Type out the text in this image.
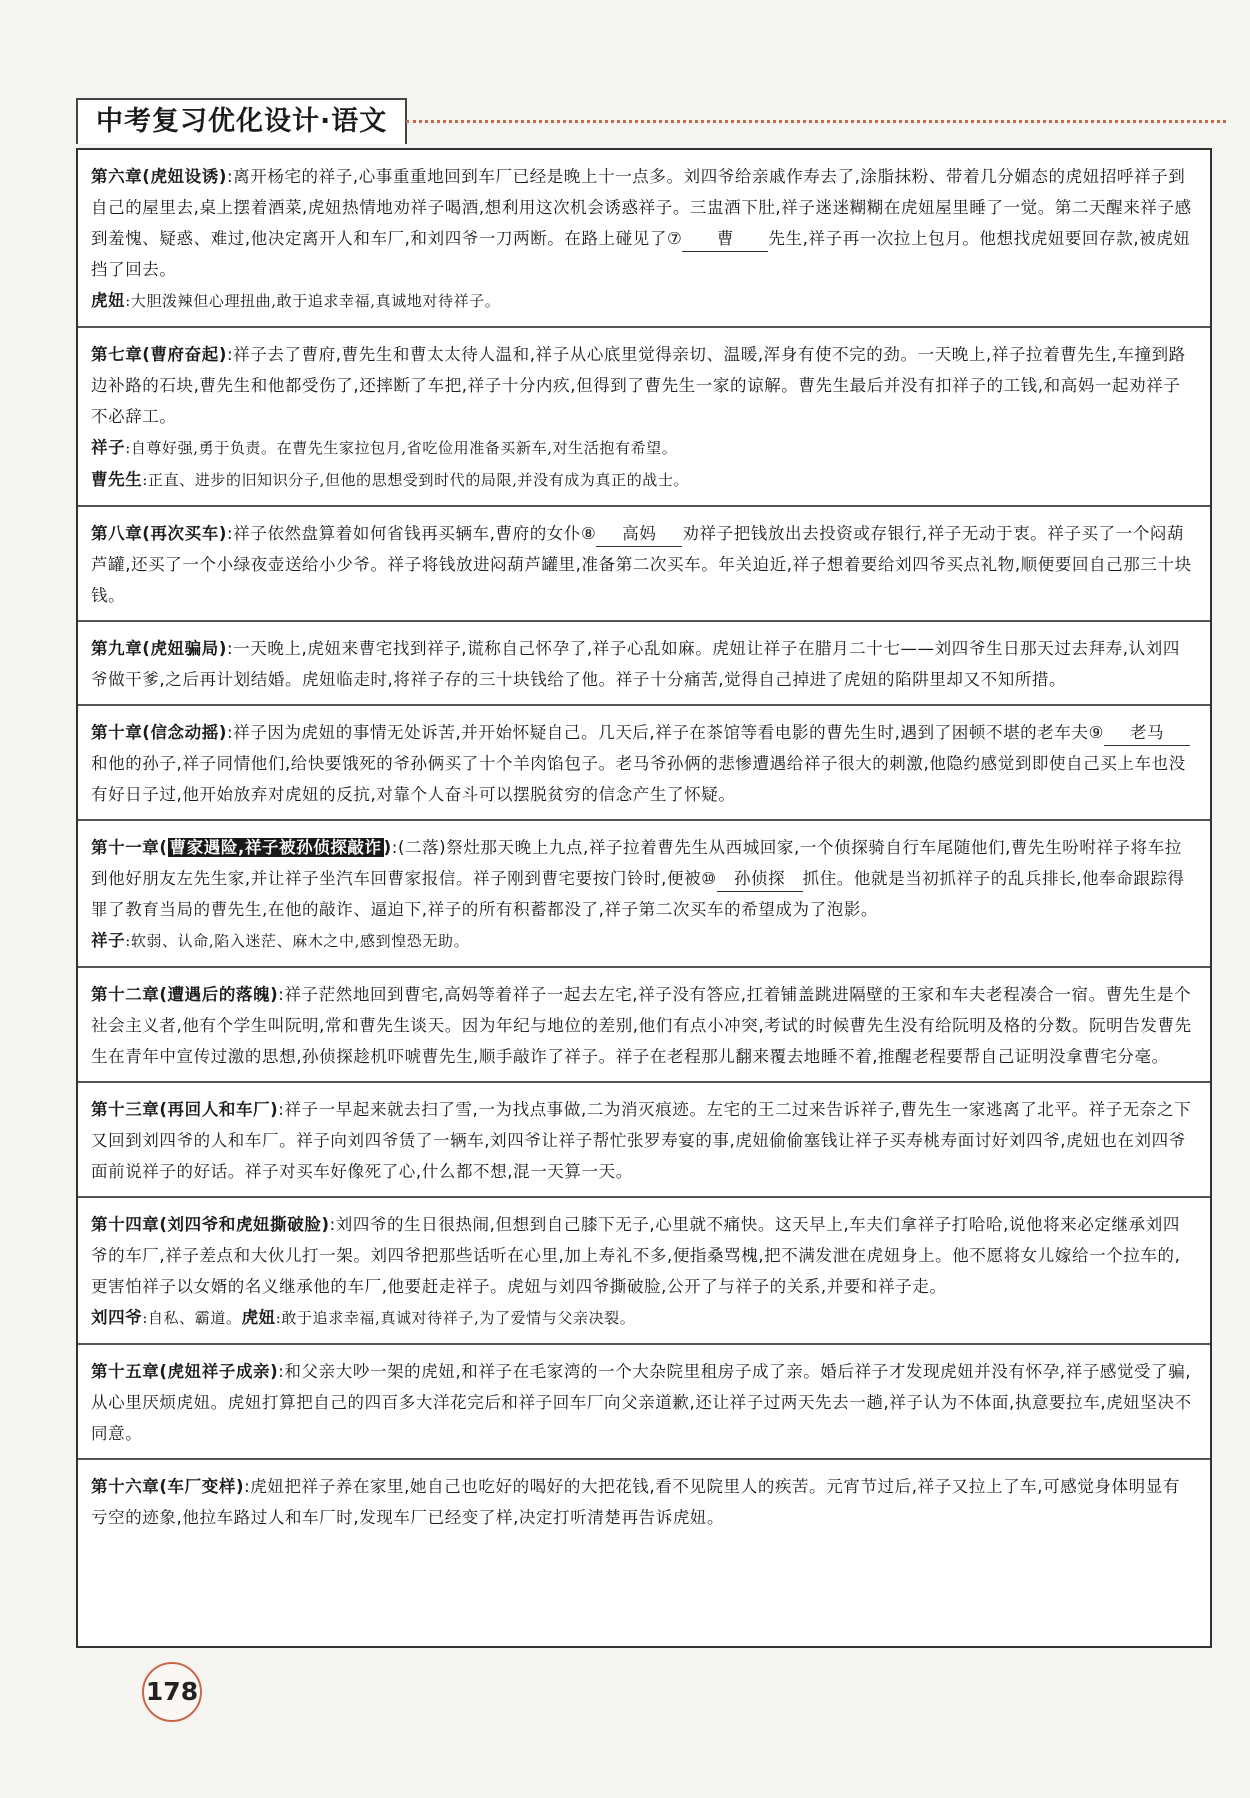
中考复习优化设计·语文
第六章(虎妞设诱):离开杨宅的祥子,心事重重地回到车厂已经是晚上十一点多。刘四爷给亲戚作寿去了,涂脂抹粉、带着几分媚态的虎妞招呼祥子到自己的屋里去,桌上摆着酒菜,虎妞热情地劝祥子喝酒,想利用这次机会诱惑祥子。三盅酒下肚,祥子迷迷糊糊在虎妞屋里睡了一觉。第二天醒来祥子感到羞愧、疑惑、难过,他决定离开人和车厂,和刘四爷一刀两断。在路上碰见了⑦ 曹 先生,祥子再一次拉上包月。他想找虎妞要回存款,被虎妞挡了回去。
虎妞:大胆泼辣但心理扭曲,敢于追求幸福,真诚地对待祥子。
第七章(曹府奋起):祥子去了曹府,曹先生和曹太太待人温和,祥子从心底里觉得亲切、温暖,浑身有使不完的劲。一天晚上,祥子拉着曹先生,车撞到路边补路的石块,曹先生和他都受伤了,还摔断了车把,祥子十分内疚,但得到了曹先生一家的谅解。曹先生最后并没有扣祥子的工钱,和高妈一起劝祥子不必辞工。
祥子:自尊好强,勇于负责。在曹先生家拉包月,省吃俭用准备买新车,对生活抱有希望。
曹先生:正直、进步的旧知识分子,但他的思想受到时代的局限,并没有成为真正的战士。
第八章(再次买车):祥子依然盘算着如何省钱再买辆车,曹府的女仆⑧ 高妈 劝祥子把钱放出去投资或存银行,祥子无动于衷。祥子买了一个闷葫芦罐,还买了一个小绿夜壶送给小少爷。祥子将钱放进闷葫芦罐里,准备第二次买车。年关迫近,祥子想着要给刘四爷买点礼物,顺便要回自己那三十块钱。
第九章(虎妞骗局):一天晚上,虎妞来曹宅找到祥子,谎称自己怀孕了,祥子心乱如麻。虎妞让祥子在腊月二十七——刘四爷生日那天过去拜寿,认刘四爷做干爹,之后再计划结婚。虎妞临走时,将祥子存的三十块钱给了他。祥子十分痛苦,觉得自己掉进了虎妞的陷阱里却又不知所措。
第十章(信念动摇):祥子因为虎妞的事情无处诉苦,并开始怀疑自己。几天后,祥子在茶馆等看电影的曹先生时,遇到了困顿不堪的老车夫⑨ 老马和他的孙子,祥子同情他们,给快要饿死的爷孙俩买了十个羊肉馅包子。老马爷孙俩的悲惨遭遇给祥子很大的刺激,他隐约感觉到即使自己买上车也没有好日子过,他开始放弃对虎妞的反抗,对靠个人奋斗可以摆脱贫穷的信念产生了怀疑。
第十一章( 曹家遇险,祥子被孙侦探敲诈 ):(二落)祭灶那天晚上九点,祥子拉着曹先生从西城回家,一个侦探骑自行车尾随他们,曹先生吩咐祥子将车拉到他好朋友左先生家,并让祥子坐汽车回曹家报信。祥子刚到曹宅要按门铃时,便被⑩ 孙侦探 抓住。他就是当初抓祥子的乱兵排长,他奉命跟踪得罪了教育当局的曹先生,在他的敲诈、逼迫下,祥子的所有积蓄都没了,祥子第二次买车的希望成为了泡影。
祥子:软弱、认命,陷入迷茫、麻木之中,感到惶恐无助。
第十二章(遭遇后的落魄):祥子茫然地回到曹宅,高妈等着祥子一起去左宅,祥子没有答应,扛着铺盖跳进隔壁的王家和车夫老程凑合一宿。曹先生是个社会主义者,他有个学生叫阮明,常和曹先生谈天。因为年纪与地位的差别,他们有点小冲突,考试的时候曹先生没有给阮明及格的分数。阮明告发曹先生在青年中宣传过激的思想,孙侦探趁机吓唬曹先生,顺手敲诈了祥子。祥子在老程那儿翻来覆去地睡不着,推醒老程要帮自己证明没拿曹宅分毫。
第十三章(再回人和车厂):祥子一早起来就去扫了雪,一为找点事做,二为消灭痕迹。左宅的王二过来告诉祥子,曹先生一家逃离了北平。祥子无奈之下又回到刘四爷的人和车厂。祥子向刘四爷赁了一辆车,刘四爷让祥子帮忙张罗寿宴的事,虎妞偷偷塞钱让祥子买寿桃寿面讨好刘四爷,虎妞也在刘四爷面前说祥子的好话。祥子对买车好像死了心,什么都不想,混一天算一天。
第十四章(刘四爷和虎妞撕破脸):刘四爷的生日很热闹,但想到自己膝下无子,心里就不痛快。这天早上,车夫们拿祥子打哈哈,说他将来必定继承刘四爷的车厂,祥子差点和大伙儿打一架。刘四爷把那些话听在心里,加上寿礼不多,便指桑骂槐,把不满发泄在虎妞身上。他不愿将女儿嫁给一个拉车的,更害怕祥子以女婿的名义继承他的车厂,他要赶走祥子。虎妞与刘四爷撕破脸,公开了与祥子的关系,并要和祥子走。
刘四爷:自私、霸道。虎妞:敢于追求幸福,真诚对待祥子,为了爱情与父亲决裂。
第十五章(虎妞祥子成亲):和父亲大吵一架的虎妞,和祥子在毛家湾的一个大杂院里租房子成了亲。婚后祥子才发现虎妞并没有怀孕,祥子感觉受了骗,从心里厌烦虎妞。虎妞打算把自己的四百多大洋花完后和祥子回车厂向父亲道歉,还让祥子过两天先去一趟,祥子认为不体面,执意要拉车,虎妞坚决不同意。
第十六章(车厂变样):虎妞把祥子养在家里,她自己也吃好的喝好的大把花钱,看不见院里人的疾苦。元宵节过后,祥子又拉上了车,可感觉身体明显有亏空的迹象,他拉车路过人和车厂时,发现车厂已经变了样,决定打听清楚再告诉虎妞。
178
